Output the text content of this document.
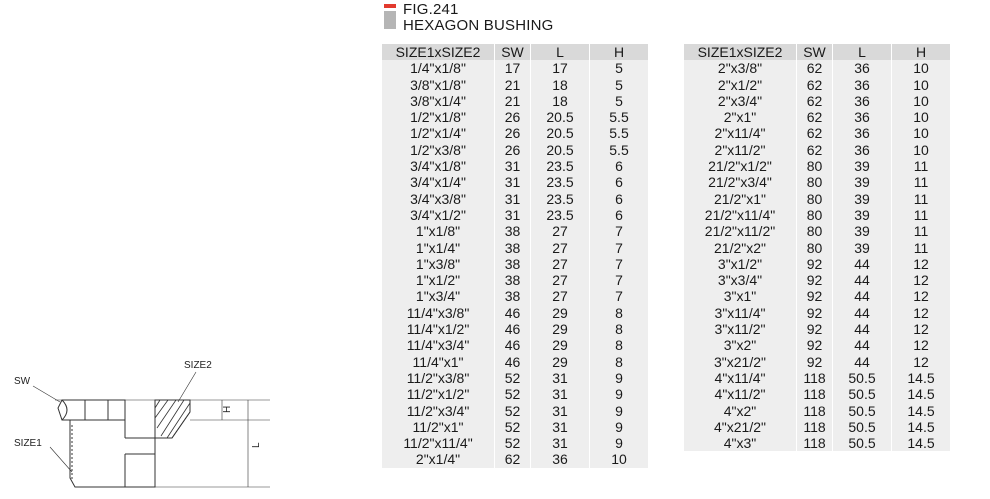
SW
SIZE1
SIZE2
H
L
FIG.241
HEXAGON BUSHING
SIZE1xSIZE2	SW	L	H
1/4"x1/8"	17	17	5
3/8"x1/8"	21	18	5
3/8"x1/4"	21	18	5
1/2"x1/8"	26	20.5	5.5
1/2"x1/4"	26	20.5	5.5
1/2"x3/8"	26	20.5	5.5
3/4"x1/8"	31	23.5	6
3/4"x1/4"	31	23.5	6
3/4"x3/8"	31	23.5	6
3/4"x1/2"	31	23.5	6
1"x1/8"	38	27	7
1"x1/4"	38	27	7
1"x3/8"	38	27	7
1"x1/2"	38	27	7
1"x3/4"	38	27	7
11/4"x3/8"	46	29	8
11/4"x1/2"	46	29	8
11/4"x3/4"	46	29	8
11/4"x1"	46	29	8
11/2"x3/8"	52	31	9
11/2"x1/2"	52	31	9
11/2"x3/4"	52	31	9
11/2"x1"	52	31	9
11/2"x11/4"	52	31	9
2"x1/4"	62	36	10
SIZE1xSIZE2	SW	L	H
2"x3/8"	62	36	10
2"x1/2"	62	36	10
2"x3/4"	62	36	10
2"x1"	62	36	10
2"x11/4"	62	36	10
2"x11/2"	62	36	10
21/2"x1/2"	80	39	11
21/2"x3/4"	80	39	11
21/2"x1"	80	39	11
21/2"x11/4"	80	39	11
21/2"x11/2"	80	39	11
21/2"x2"	80	39	11
3"x1/2"	92	44	12
3"x3/4"	92	44	12
3"x1"	92	44	12
3"x11/4"	92	44	12
3"x11/2"	92	44	12
3"x2"	92	44	12
3"x21/2"	92	44	12
4"x11/4"	118	50.5	14.5
4"x11/2"	118	50.5	14.5
4"x2"	118	50.5	14.5
4"x21/2"	118	50.5	14.5
4"x3"	118	50.5	14.5
